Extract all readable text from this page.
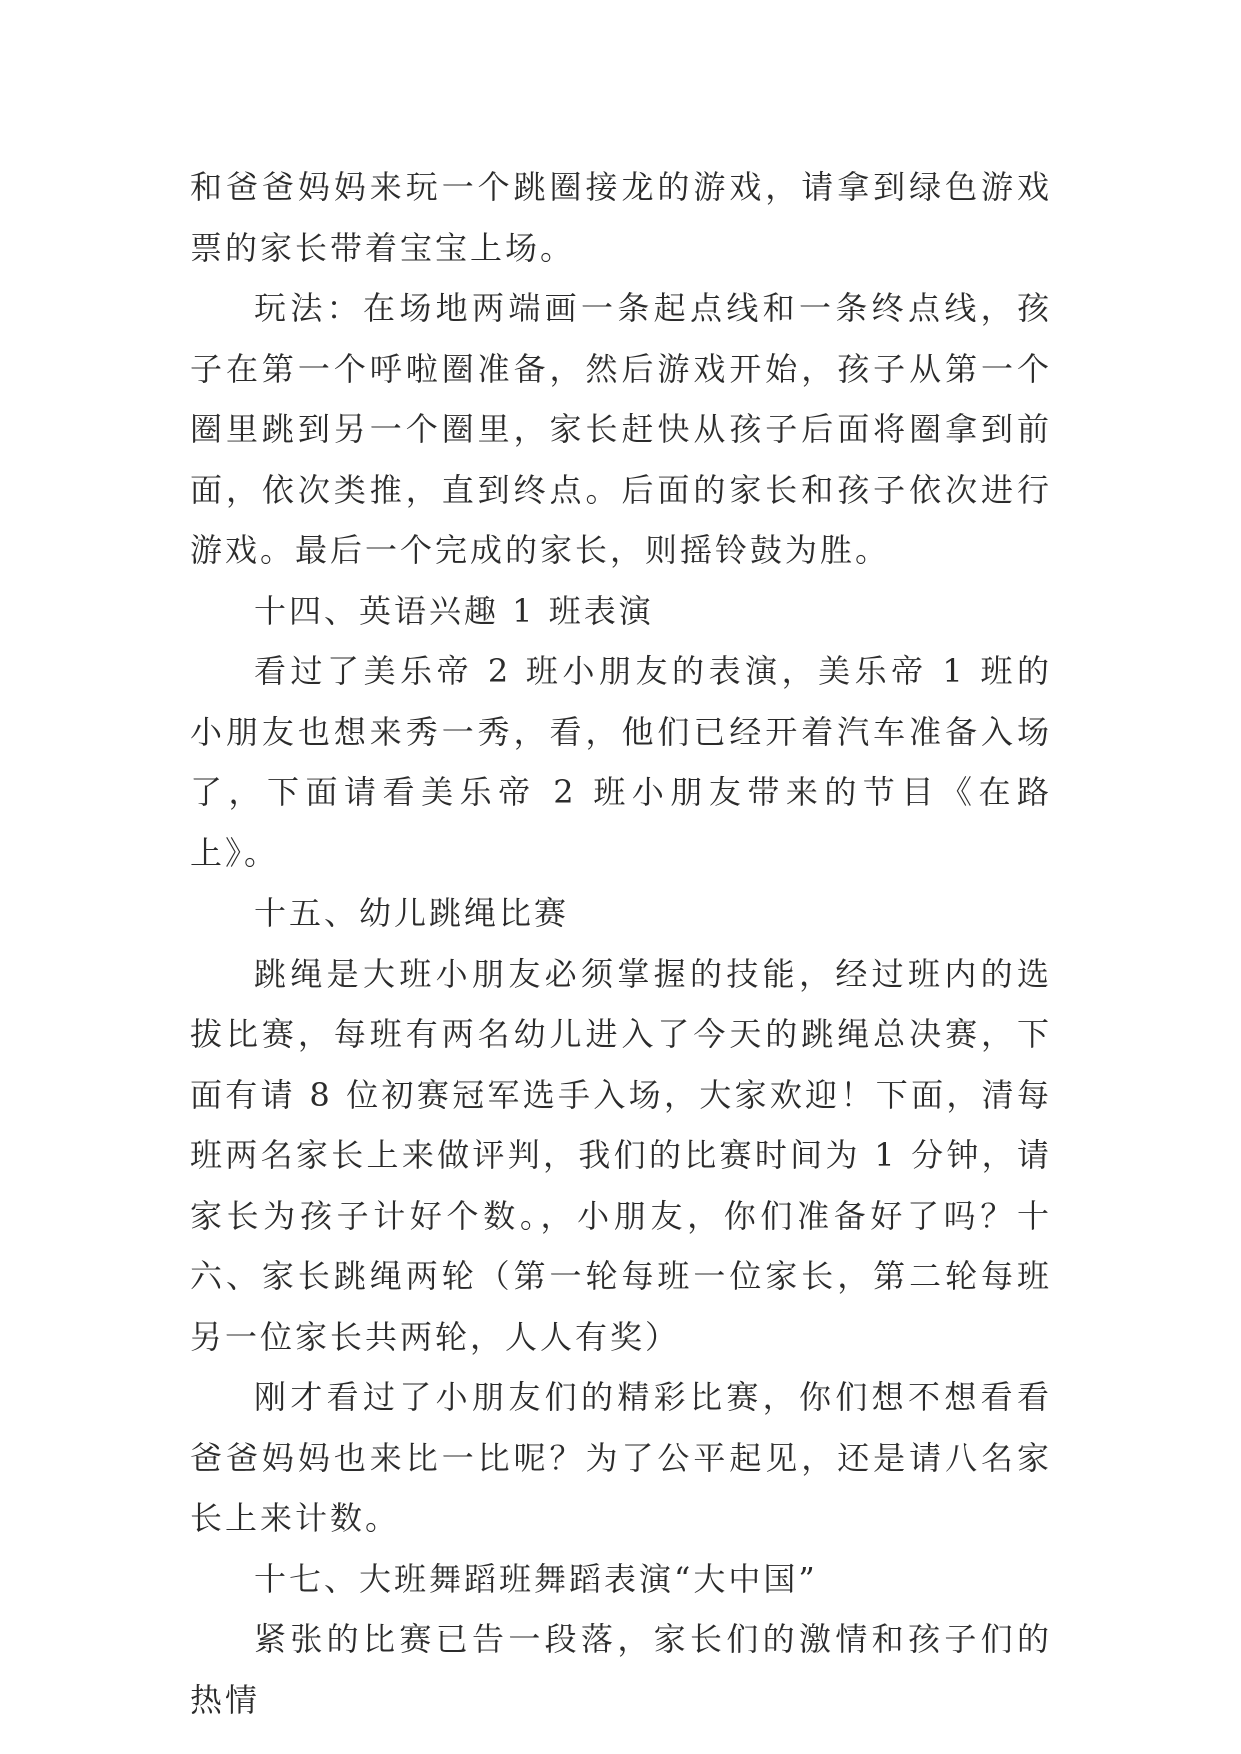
和爸爸妈妈来玩一个跳圈接龙的游戏，请拿到绿色游戏票的家长带着宝宝上场。

玩法：在场地两端画一条起点线和一条终点线，孩子在第一个呼啦圈准备，然后游戏开始，孩子从第一个圈里跳到另一个圈里，家长赶快从孩子后面将圈拿到前面，依次类推，直到终点。后面的家长和孩子依次进行游戏。最后一个完成的家长，则摇铃鼓为胜。

十四、英语兴趣 1 班表演

看过了美乐帝 2 班小朋友的表演，美乐帝 1 班的小朋友也想来秀一秀，看，他们已经开着汽车准备入场了，下面请看美乐帝 2 班小朋友带来的节目《在路上》。

十五、幼儿跳绳比赛

跳绳是大班小朋友必须掌握的技能，经过班内的选拔比赛，每班有两名幼儿进入了今天的跳绳总决赛，下面有请 8 位初赛冠军选手入场，大家欢迎！下面，清每班两名家长上来做评判，我们的比赛时间为 1 分钟，请家长为孩子计好个数。，小朋友，你们准备好了吗？十六、家长跳绳两轮（第一轮每班一位家长，第二轮每班另一位家长共两轮，人人有奖）

刚才看过了小朋友们的精彩比赛，你们想不想看看爸爸妈妈也来比一比呢？为了公平起见，还是请八名家长上来计数。

十七、大班舞蹈班舞蹈表演“大中国”

紧张的比赛已告一段落，家长们的激情和孩子们的热情
